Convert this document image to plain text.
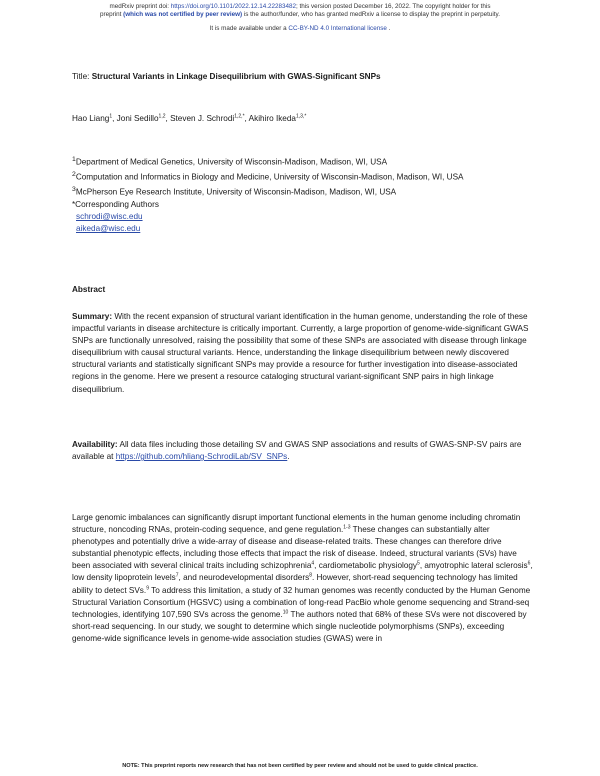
medRxiv preprint doi: https://doi.org/10.1101/2022.12.14.22283482; this version posted December 16, 2022. The copyright holder for this
preprint (which was not certified by peer review) is the author/funder, who has granted medRxiv a license to display the preprint in perpetuity.
It is made available under a CC-BY-ND 4.0 International license .
Title: Structural Variants in Linkage Disequilibrium with GWAS-Significant SNPs
Hao Liang$^1$, Joni Sedillo$^{1,2}$, Steven J. Schrodi$^{1,2,*}$, Akihiro Ikeda$^{1,3,*}$
$^1$Department of Medical Genetics, University of Wisconsin-Madison, Madison, WI, USA
$^2$Computation and Informatics in Biology and Medicine, University of Wisconsin-Madison, Madison, WI, USA
$^3$McPherson Eye Research Institute, University of Wisconsin-Madison, Madison, WI, USA
*Corresponding Authors
schrodi@wisc.edu
aikeda@wisc.edu
Abstract
Summary: With the recent expansion of structural variant identification in the human genome, understanding the role of these impactful variants in disease architecture is critically important. Currently, a large proportion of genome-wide-significant GWAS SNPs are functionally unresolved, raising the possibility that some of these SNPs are associated with disease through linkage disequilibrium with causal structural variants. Hence, understanding the linkage disequilibrium between newly discovered structural variants and statistically significant SNPs may provide a resource for further investigation into disease-associated regions in the genome. Here we present a resource cataloging structural variant-significant SNP pairs in high linkage disequilibrium.
Availability: All data files including those detailing SV and GWAS SNP associations and results of GWAS-SNP-SV pairs are available at https://github.com/hliang-SchrodiLab/SV_SNPs.
Large genomic imbalances can significantly disrupt important functional elements in the human genome including chromatin structure, noncoding RNAs, protein-coding sequence, and gene regulation.$^{1-3}$ These changes can substantially alter phenotypes and potentially drive a wide-array of disease and disease-related traits. These changes can therefore drive substantial phenotypic effects, including those effects that impact the risk of disease. Indeed, structural variants (SVs) have been associated with several clinical traits including schizophrenia$^4$, cardiometabolic physiology$^5$, amyotrophic lateral sclerosis$^6$, low density lipoprotein levels$^7$, and neurodevelopmental disorders$^8$. However, short-read sequencing technology has limited ability to detect SVs.$^9$ To address this limitation, a study of 32 human genomes was recently conducted by the Human Genome Structural Variation Consortium (HGSVC) using a combination of long-read PacBio whole genome sequencing and Strand-seq technologies, identifying 107,590 SVs across the genome.$^{10}$ The authors noted that 68% of these SVs were not discovered by short-read sequencing. In our study, we sought to determine which single nucleotide polymorphisms (SNPs), exceeding genome-wide significance levels in genome-wide association studies (GWAS) were in
NOTE: This preprint reports new research that has not been certified by peer review and should not be used to guide clinical practice.
